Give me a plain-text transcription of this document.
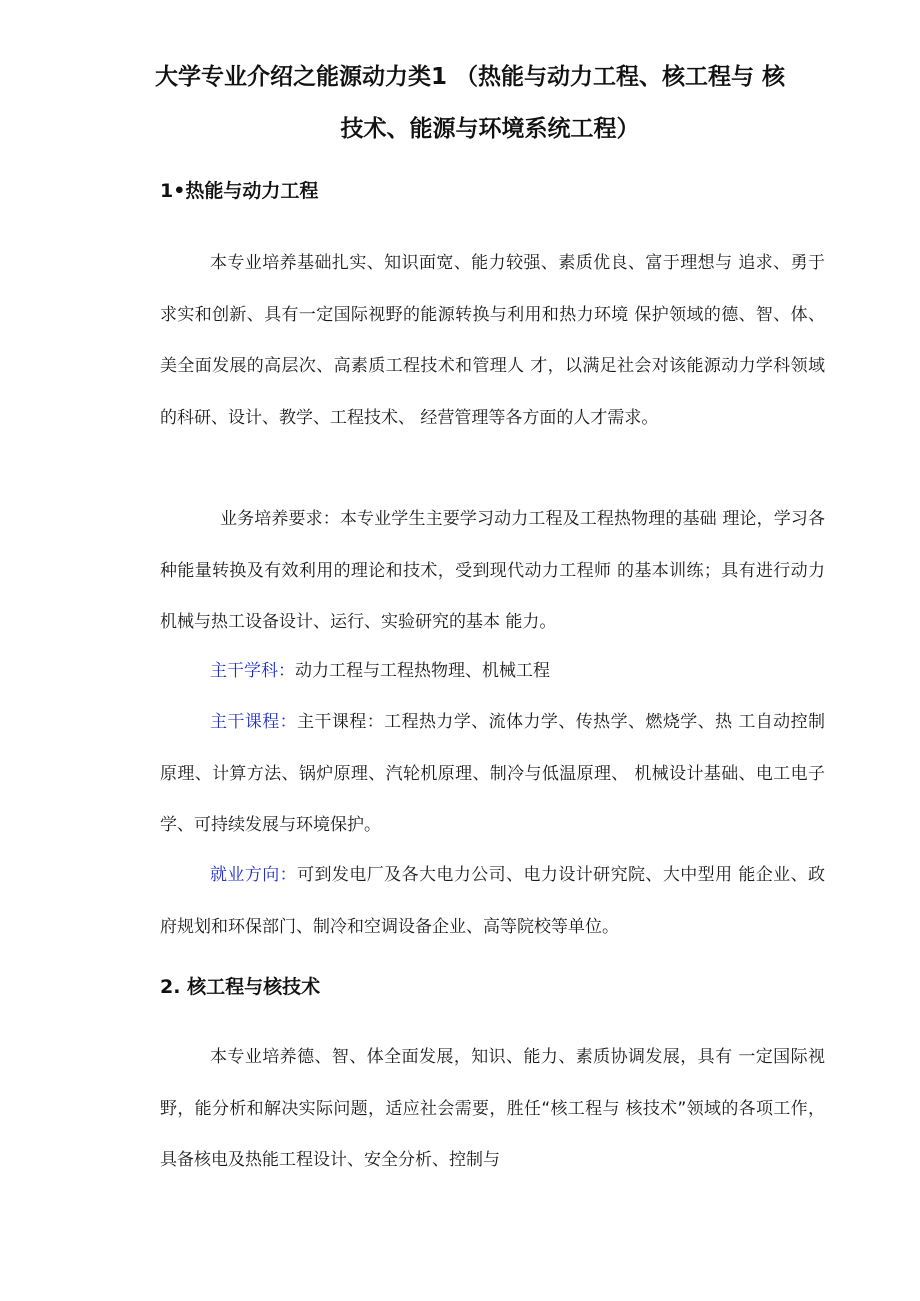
大学专业介绍之能源动力类1 （热能与动力工程、核工程与 核
技术、能源与环境系统工程）
1•热能与动力工程

本专业培养基础扎实、知识面宽、能力较强、素质优良、富于理想与 追求、勇于求实和创新、具有一定国际视野的能源转换与利用和热力环境 保护领域的德、智、体、美全面发展的高层次、高素质工程技术和管理人 才，以满足社会对该能源动力学科领域的科研、设计、教学、工程技术、 经营管理等各方面的人才需求。

业务培养要求：本专业学生主要学习动力工程及工程热物理的基础 理论，学习各种能量转换及有效利用的理论和技术，受到现代动力工程师 的基本训练；具有进行动力机械与热工设备设计、运行、实验研究的基本 能力。

主干学科：动力工程与工程热物理、机械工程

主干课程：主干课程：工程热力学、流体力学、传热学、燃烧学、热 工自动控制原理、计算方法、锅炉原理、汽轮机原理、制冷与低温原理、 机械设计基础、电工电子学、可持续发展与环境保护。

就业方向：可到发电厂及各大电力公司、电力设计研究院、大中型用 能企业、政府规划和环保部门、制冷和空调设备企业、高等院校等单位。

2. 核工程与核技术

本专业培养德、智、体全面发展，知识、能力、素质协调发展，具有 一定国际视野，能分析和解决实际问题，适应社会需要，胜任“核工程与 核技术”领域的各项工作，具备核电及热能工程设计、安全分析、控制与
